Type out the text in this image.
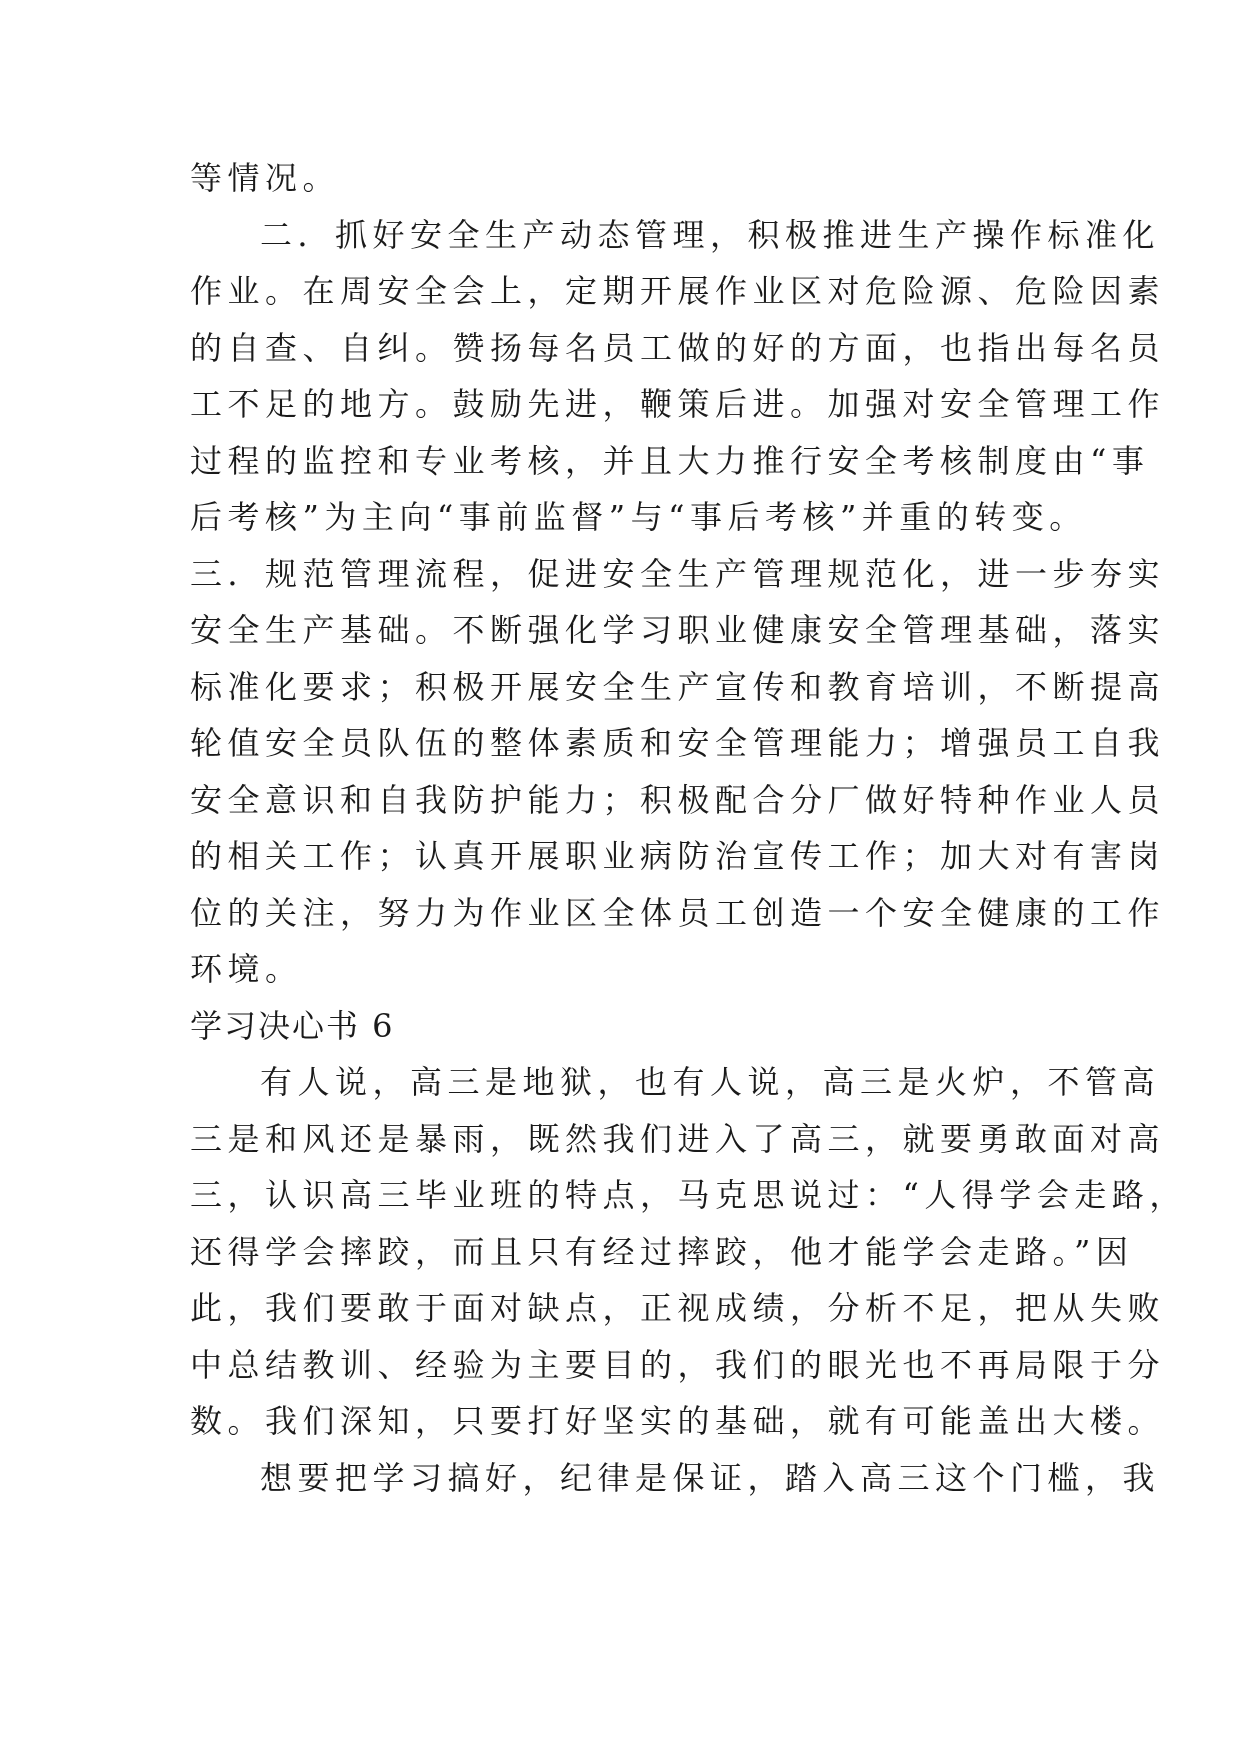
等情况。
二．抓好安全生产动态管理，积极推进生产操作标准化
作业。在周安全会上，定期开展作业区对危险源、危险因素
的自查、自纠。赞扬每名员工做的好的方面，也指出每名员
工不足的地方。鼓励先进，鞭策后进。加强对安全管理工作
过程的监控和专业考核，并且大力推行安全考核制度由“事
后考核”为主向“事前监督”与“事后考核”并重的转变。
三．规范管理流程，促进安全生产管理规范化，进一步夯实
安全生产基础。不断强化学习职业健康安全管理基础，落实
标准化要求；积极开展安全生产宣传和教育培训，不断提高
轮值安全员队伍的整体素质和安全管理能力；增强员工自我
安全意识和自我防护能力；积极配合分厂做好特种作业人员
的相关工作；认真开展职业病防治宣传工作；加大对有害岗
位的关注，努力为作业区全体员工创造一个安全健康的工作
环境。
学习决心书 6
有人说，高三是地狱，也有人说，高三是火炉，不管高
三是和风还是暴雨，既然我们进入了高三，就要勇敢面对高
三，认识高三毕业班的特点，马克思说过：“人得学会走路，
还得学会摔跤，而且只有经过摔跤，他才能学会走路。”因
此，我们要敢于面对缺点，正视成绩，分析不足，把从失败
中总结教训、经验为主要目的，我们的眼光也不再局限于分
数。我们深知，只要打好坚实的基础，就有可能盖出大楼。
想要把学习搞好，纪律是保证，踏入高三这个门槛，我
